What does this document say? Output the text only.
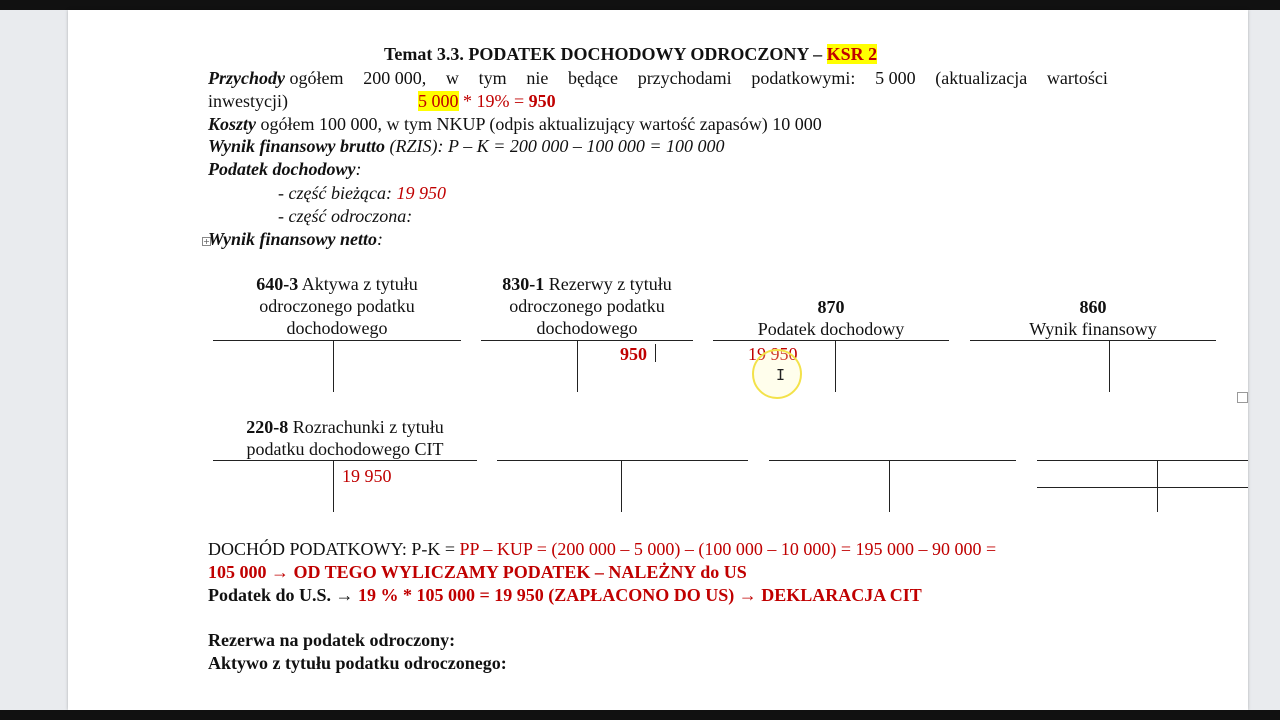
Temat 3.3. PODATEK DOCHODOWY ODROCZONY – KSR 2
Przychody ogółem 200 000, w tym nie będące przychodami podatkowymi: 5 000 (aktualizacja wartości
inwestycji)	5 000 * 19% = 950
Koszty ogółem 100 000, w tym NKUP (odpis aktualizujący wartość zapasów) 10 000
Wynik finansowy brutto (RZIS): P – K = 200 000 – 100 000 = 100 000
Podatek dochodowy:
- część bieżąca: 19 950
- część odroczona:
+
Wynik finansowy netto:
640-3 Aktywa z tytułu
odroczonego podatku
dochodowego
830-1 Rezerwy z tytułu
odroczonego podatku
dochodowego
950
870
Podatek dochodowy
19 950
860
Wynik finansowy
220-8 Rozrachunki z tytułu
podatku dochodowego CIT
19 950
DOCHÓD PODATKOWY: P-K = PP – KUP = (200 000 – 5 000) – (100 000 – 10 000) = 195 000 – 90 000 =
105 000 → OD TEGO WYLICZAMY PODATEK – NALEŻNY do US
Podatek do U.S. → 19 % * 105 000 = 19 950 (ZAPŁACONO DO US) → DEKLARACJA CIT
Rezerwa na podatek odroczony:
Aktywo z tytułu podatku odroczonego:
I
